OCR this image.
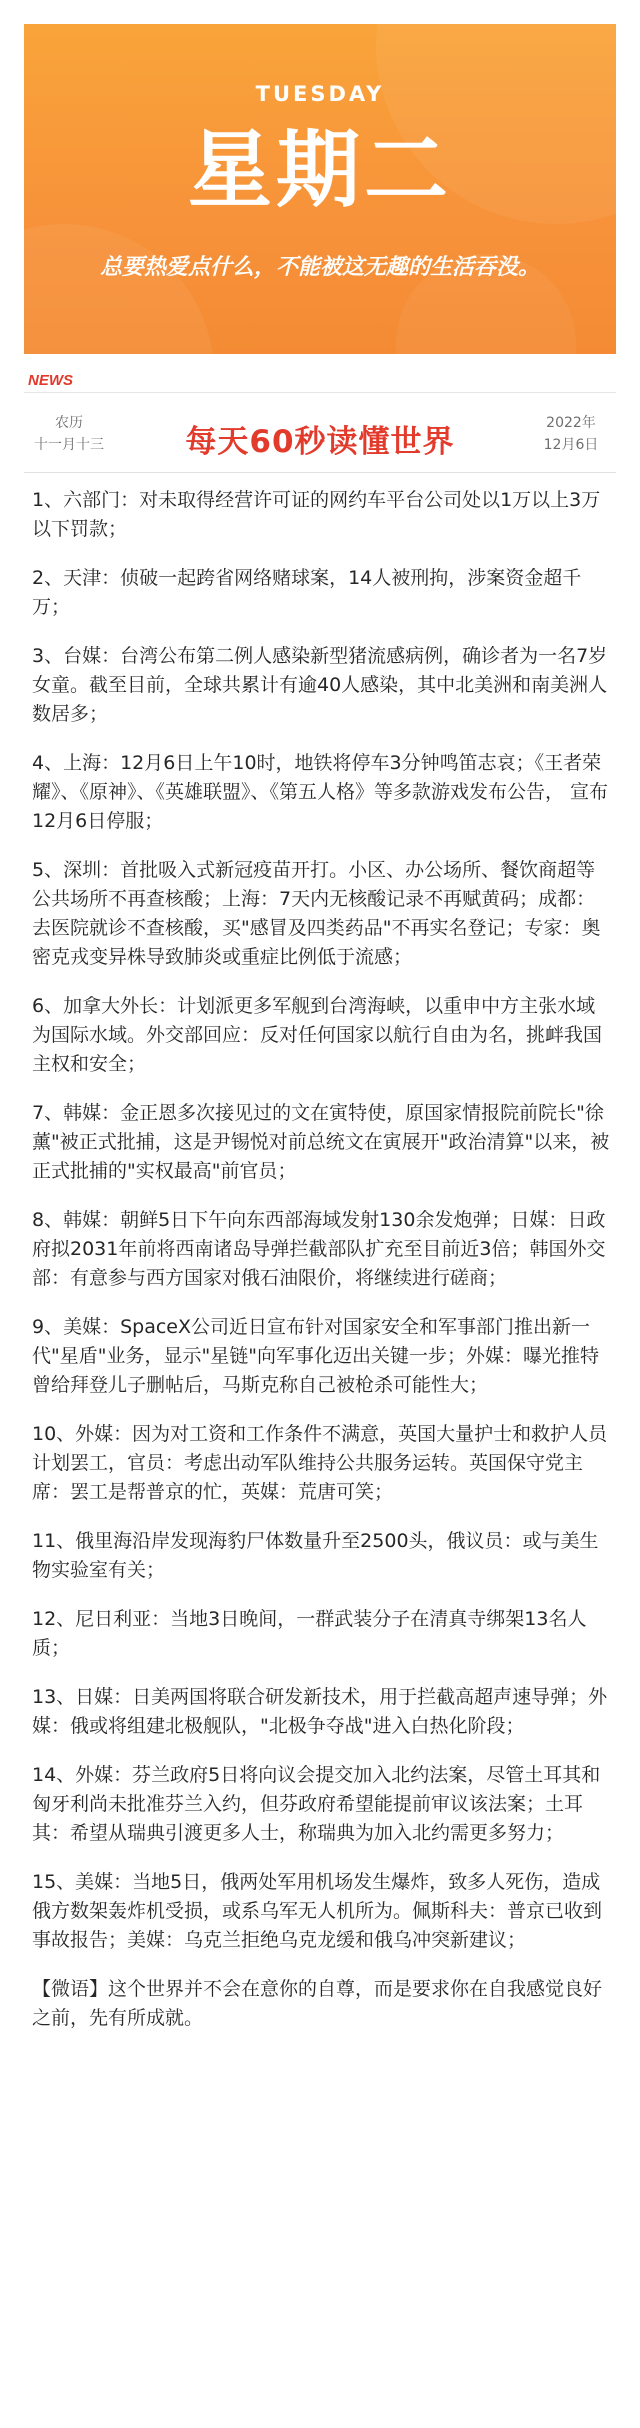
TUESDAY
星期二
总要热爱点什么，不能被这无趣的生活吞没。
NEWS
农历
十一月十三	每天60秒读懂世界
2022年
12月6日
1、六部门：对未取得经营许可证的网约车平台公司处以1万以上3万以下罚款；
2、天津：侦破一起跨省网络赌球案，14人被刑拘，涉案资金超千万；
3、台媒：台湾公布第二例人感染新型猪流感病例，确诊者为一名7岁女童。截至目前，全球共累计有逾40人感染，其中北美洲和南美洲人数居多；
4、上海：12月6日上午10时，地铁将停车3分钟鸣笛志哀；《王者荣耀》、《原神》、《英雄联盟》、《第五人格》等多款游戏发布公告， 宣布12月6日停服；
5、深圳：首批吸入式新冠疫苗开打。小区、办公场所、餐饮商超等公共场所不再查核酸；上海：7天内无核酸记录不再赋黄码；成都：去医院就诊不查核酸，买"感冒及四类药品"不再实名登记；专家：奥密克戎变异株导致肺炎或重症比例低于流感；
6、加拿大外长：计划派更多军舰到台湾海峡，以重申中方主张水域为国际水域。外交部回应：反对任何国家以航行自由为名，挑衅我国主权和安全；
7、韩媒：金正恩多次接见过的文在寅特使，原国家情报院前院长"徐薰"被正式批捕，这是尹锡悦对前总统文在寅展开"政治清算"以来，被正式批捕的"实权最高"前官员；
8、韩媒：朝鲜5日下午向东西部海域发射130余发炮弹；日媒：日政府拟2031年前将西南诸岛导弹拦截部队扩充至目前近3倍；韩国外交部：有意参与西方国家对俄石油限价，将继续进行磋商；
9、美媒：SpaceX公司近日宣布针对国家安全和军事部门推出新一代"星盾"业务，显示"星链"向军事化迈出关键一步；外媒：曝光推特曾给拜登儿子删帖后，马斯克称自己被枪杀可能性大；
10、外媒：因为对工资和工作条件不满意，英国大量护士和救护人员计划罢工，官员：考虑出动军队维持公共服务运转。英国保守党主席：罢工是帮普京的忙，英媒：荒唐可笑；
11、俄里海沿岸发现海豹尸体数量升至2500头，俄议员：或与美生物实验室有关；
12、尼日利亚：当地3日晚间，一群武装分子在清真寺绑架13名人质；
13、日媒：日美两国将联合研发新技术，用于拦截高超声速导弹；外媒：俄或将组建北极舰队，"北极争夺战"进入白热化阶段；
14、外媒：芬兰政府5日将向议会提交加入北约法案，尽管土耳其和匈牙利尚未批准芬兰入约，但芬政府希望能提前审议该法案；土耳其：希望从瑞典引渡更多人士，称瑞典为加入北约需更多努力；
15、美媒：当地5日，俄两处军用机场发生爆炸，致多人死伤，造成俄方数架轰炸机受损，或系乌军无人机所为。佩斯科夫：普京已收到事故报告；美媒：乌克兰拒绝乌克龙缓和俄乌冲突新建议；
【微语】这个世界并不会在意你的自尊，而是要求你在自我感觉良好之前，先有所成就。
